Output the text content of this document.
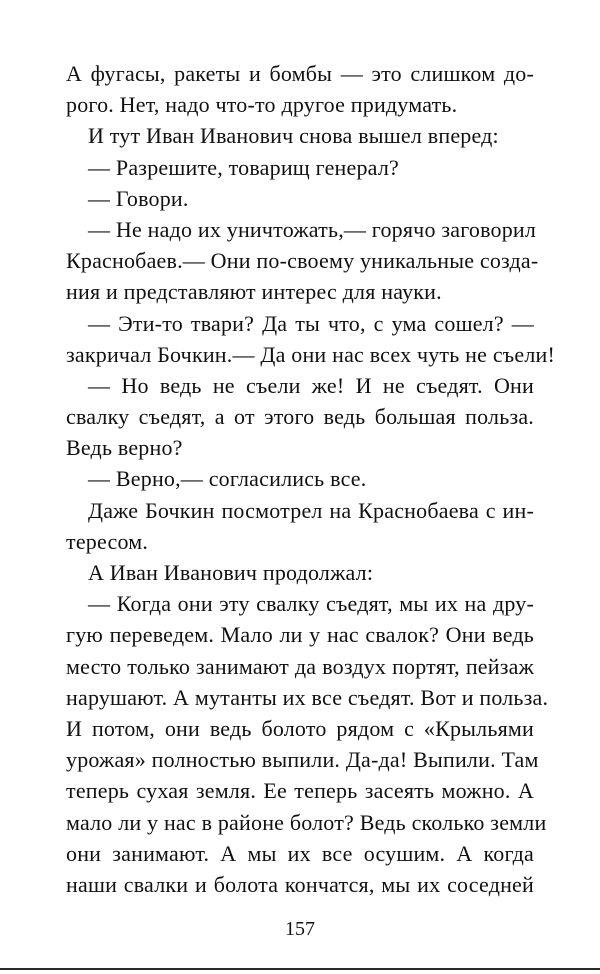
А фугасы, ракеты и бомбы — это слишком до-
рого. Нет, надо что-то другое придумать.
И тут Иван Иванович снова вышел вперед:
— Разрешите, товарищ генерал?
— Говори.
— Не надо их уничтожать,— горячо заговорил
Краснобаев.— Они по-своему уникальные созда-
ния и представляют интерес для науки.
— Эти-то твари? Да ты что, с ума сошел? —
закричал Бочкин.— Да они нас всех чуть не съели!
— Но ведь не съели же! И не съедят. Они
свалку съедят, а от этого ведь большая польза.
Ведь верно?
— Верно,— согласились все.
Даже Бочкин посмотрел на Краснобаева с ин-
тересом.
А Иван Иванович продолжал:
— Когда они эту свалку съедят, мы их на дру-
гую переведем. Мало ли у нас свалок? Они ведь
место только занимают да воздух портят, пейзаж
нарушают. А мутанты их все съедят. Вот и польза.
И потом, они ведь болото рядом с «Крыльями
урожая» полностью выпили. Да-да! Выпили. Там
теперь сухая земля. Ее теперь засеять можно. А
мало ли у нас в районе болот? Ведь сколько земли
они занимают. А мы их все осушим. А когда
наши свалки и болота кончатся, мы их соседней
157
